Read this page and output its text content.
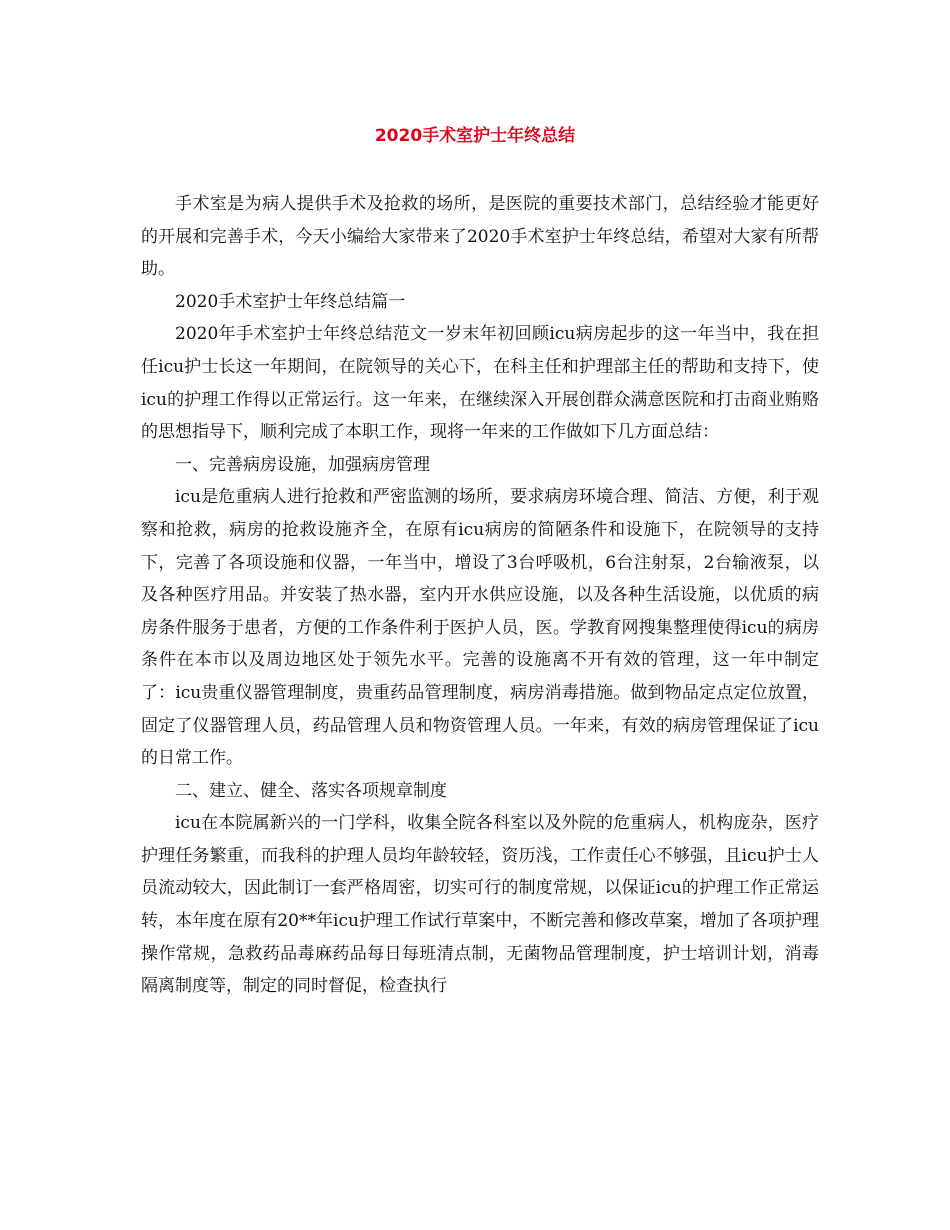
2020手术室护士年终总结

手术室是为病人提供手术及抢救的场所，是医院的重要技术部门，总结经验才能更好的开展和完善手术，今天小编给大家带来了2020手术室护士年终总结，希望对大家有所帮助。

2020手术室护士年终总结篇一

2020年手术室护士年终总结范文一岁末年初回顾icu病房起步的这一年当中，我在担任icu护士长这一年期间，在院领导的关心下，在科主任和护理部主任的帮助和支持下，使icu的护理工作得以正常运行。这一年来，在继续深入开展创群众满意医院和打击商业贿赂的思想指导下，顺利完成了本职工作，现将一年来的工作做如下几方面总结：

一、完善病房设施，加强病房管理

icu是危重病人进行抢救和严密监测的场所，要求病房环境合理、简洁、方便，利于观察和抢救，病房的抢救设施齐全，在原有icu病房的简陋条件和设施下，在院领导的支持下，完善了各项设施和仪器，一年当中，增设了3台呼吸机，6台注射泵，2台输液泵，以及各种医疗用品。并安装了热水器，室内开水供应设施，以及各种生活设施，以优质的病房条件服务于患者，方便的工作条件利于医护人员，医。学教育网搜集整理使得icu的病房条件在本市以及周边地区处于领先水平。完善的设施离不开有效的管理，这一年中制定了：icu贵重仪器管理制度，贵重药品管理制度，病房消毒措施。做到物品定点定位放置，固定了仪器管理人员，药品管理人员和物资管理人员。一年来，有效的病房管理保证了icu的日常工作。

二、建立、健全、落实各项规章制度

icu在本院属新兴的一门学科，收集全院各科室以及外院的危重病人，机构庞杂，医疗护理任务繁重，而我科的护理人员均年龄较轻，资历浅，工作责任心不够强，且icu护士人员流动较大，因此制订一套严格周密，切实可行的制度常规，以保证icu的护理工作正常运转，本年度在原有20**年icu护理工作试行草案中，不断完善和修改草案，增加了各项护理操作常规，急救药品毒麻药品每日每班清点制，无菌物品管理制度，护士培训计划，消毒隔离制度等，制定的同时督促，检查执行
